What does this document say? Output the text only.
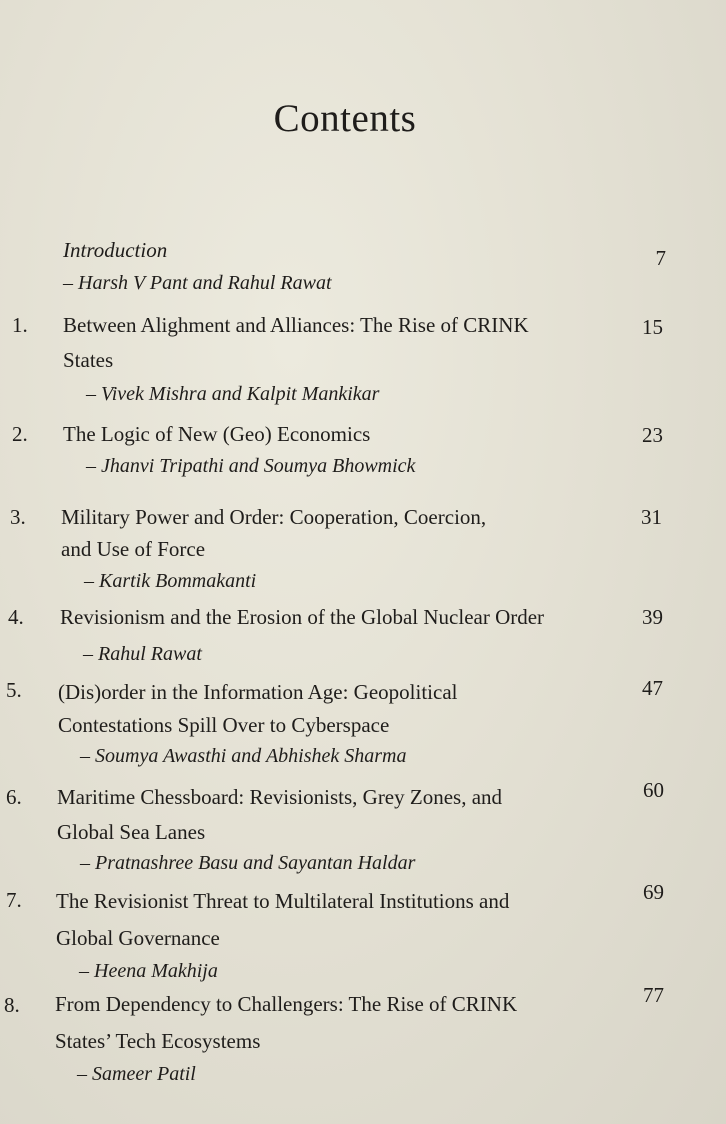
Contents
Introduction
– Harsh V Pant and Rahul Rawat
7
1. Between Alighment and Alliances: The Rise of CRINK
States
– Vivek Mishra and Kalpit Mankikar
15
2. The Logic of New (Geo) Economics
– Jhanvi Tripathi and Soumya Bhowmick
23
3. Military Power and Order: Cooperation, Coercion,
and Use of Force
– Kartik Bommakanti
31
4. Revisionism and the Erosion of the Global Nuclear Order
– Rahul Rawat
39
5. (Dis)order in the Information Age: Geopolitical
Contestations Spill Over to Cyberspace
– Soumya Awasthi and Abhishek Sharma
47
6. Maritime Chessboard: Revisionists, Grey Zones, and
Global Sea Lanes
– Pratnashree Basu and Sayantan Haldar
60
7. The Revisionist Threat to Multilateral Institutions and
Global Governance
– Heena Makhija
69
8. From Dependency to Challengers: The Rise of CRINK
States’ Tech Ecosystems
– Sameer Patil
77
